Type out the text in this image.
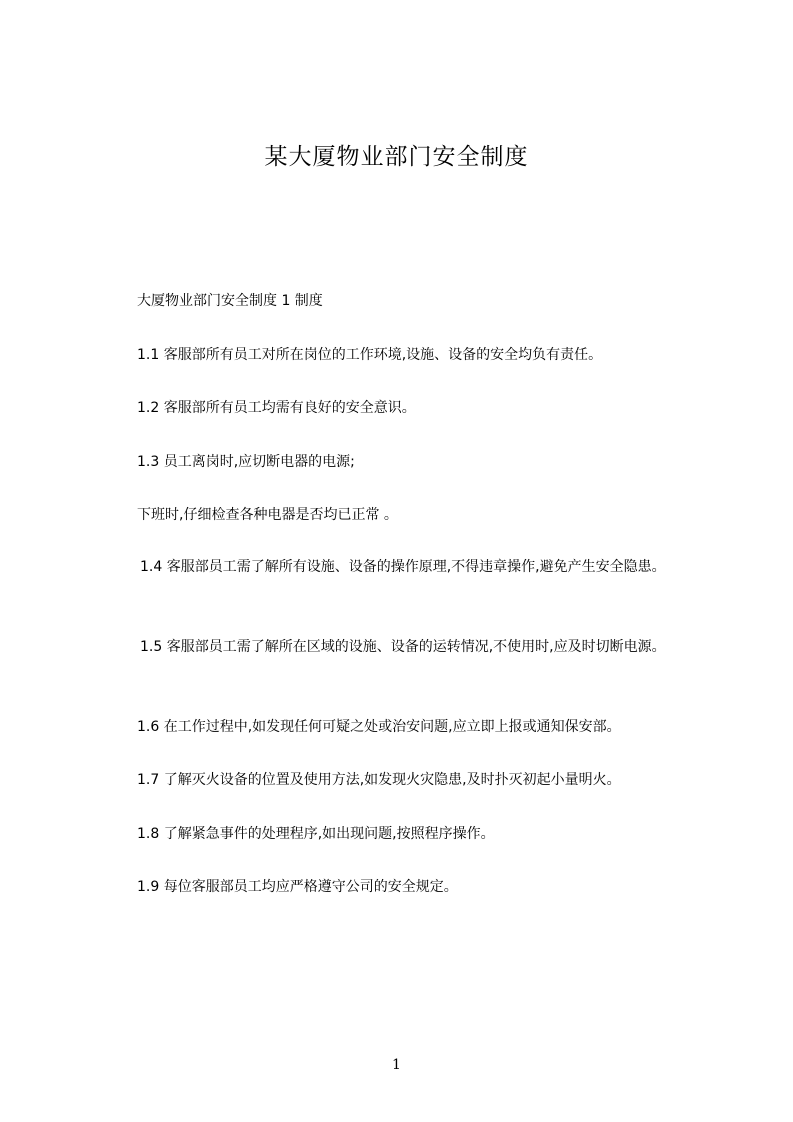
某大厦物业部门安全制度
大厦物业部门安全制度 1 制度
1.1 客服部所有员工对所在岗位的工作环境,设施、设备的安全均负有责任。
1.2 客服部所有员工均需有良好的安全意识。
1.3 员工离岗时,应切断电器的电源;
下班时,仔细检查各种电器是否均已正常 。
1.4 客服部员工需了解所有设施、设备的操作原理,不得违章操作,避免产生安全隐患。
1.5 客服部员工需了解所在区域的设施、设备的运转情况,不使用时,应及时切断电源。
1.6 在工作过程中,如发现任何可疑之处或治安问题,应立即上报或通知保安部。
1.7 了解灭火设备的位置及使用方法,如发现火灾隐患,及时扑灭初起小量明火。
1.8 了解紧急事件的处理程序,如出现问题,按照程序操作。
1.9 每位客服部员工均应严格遵守公司的安全规定。
1
